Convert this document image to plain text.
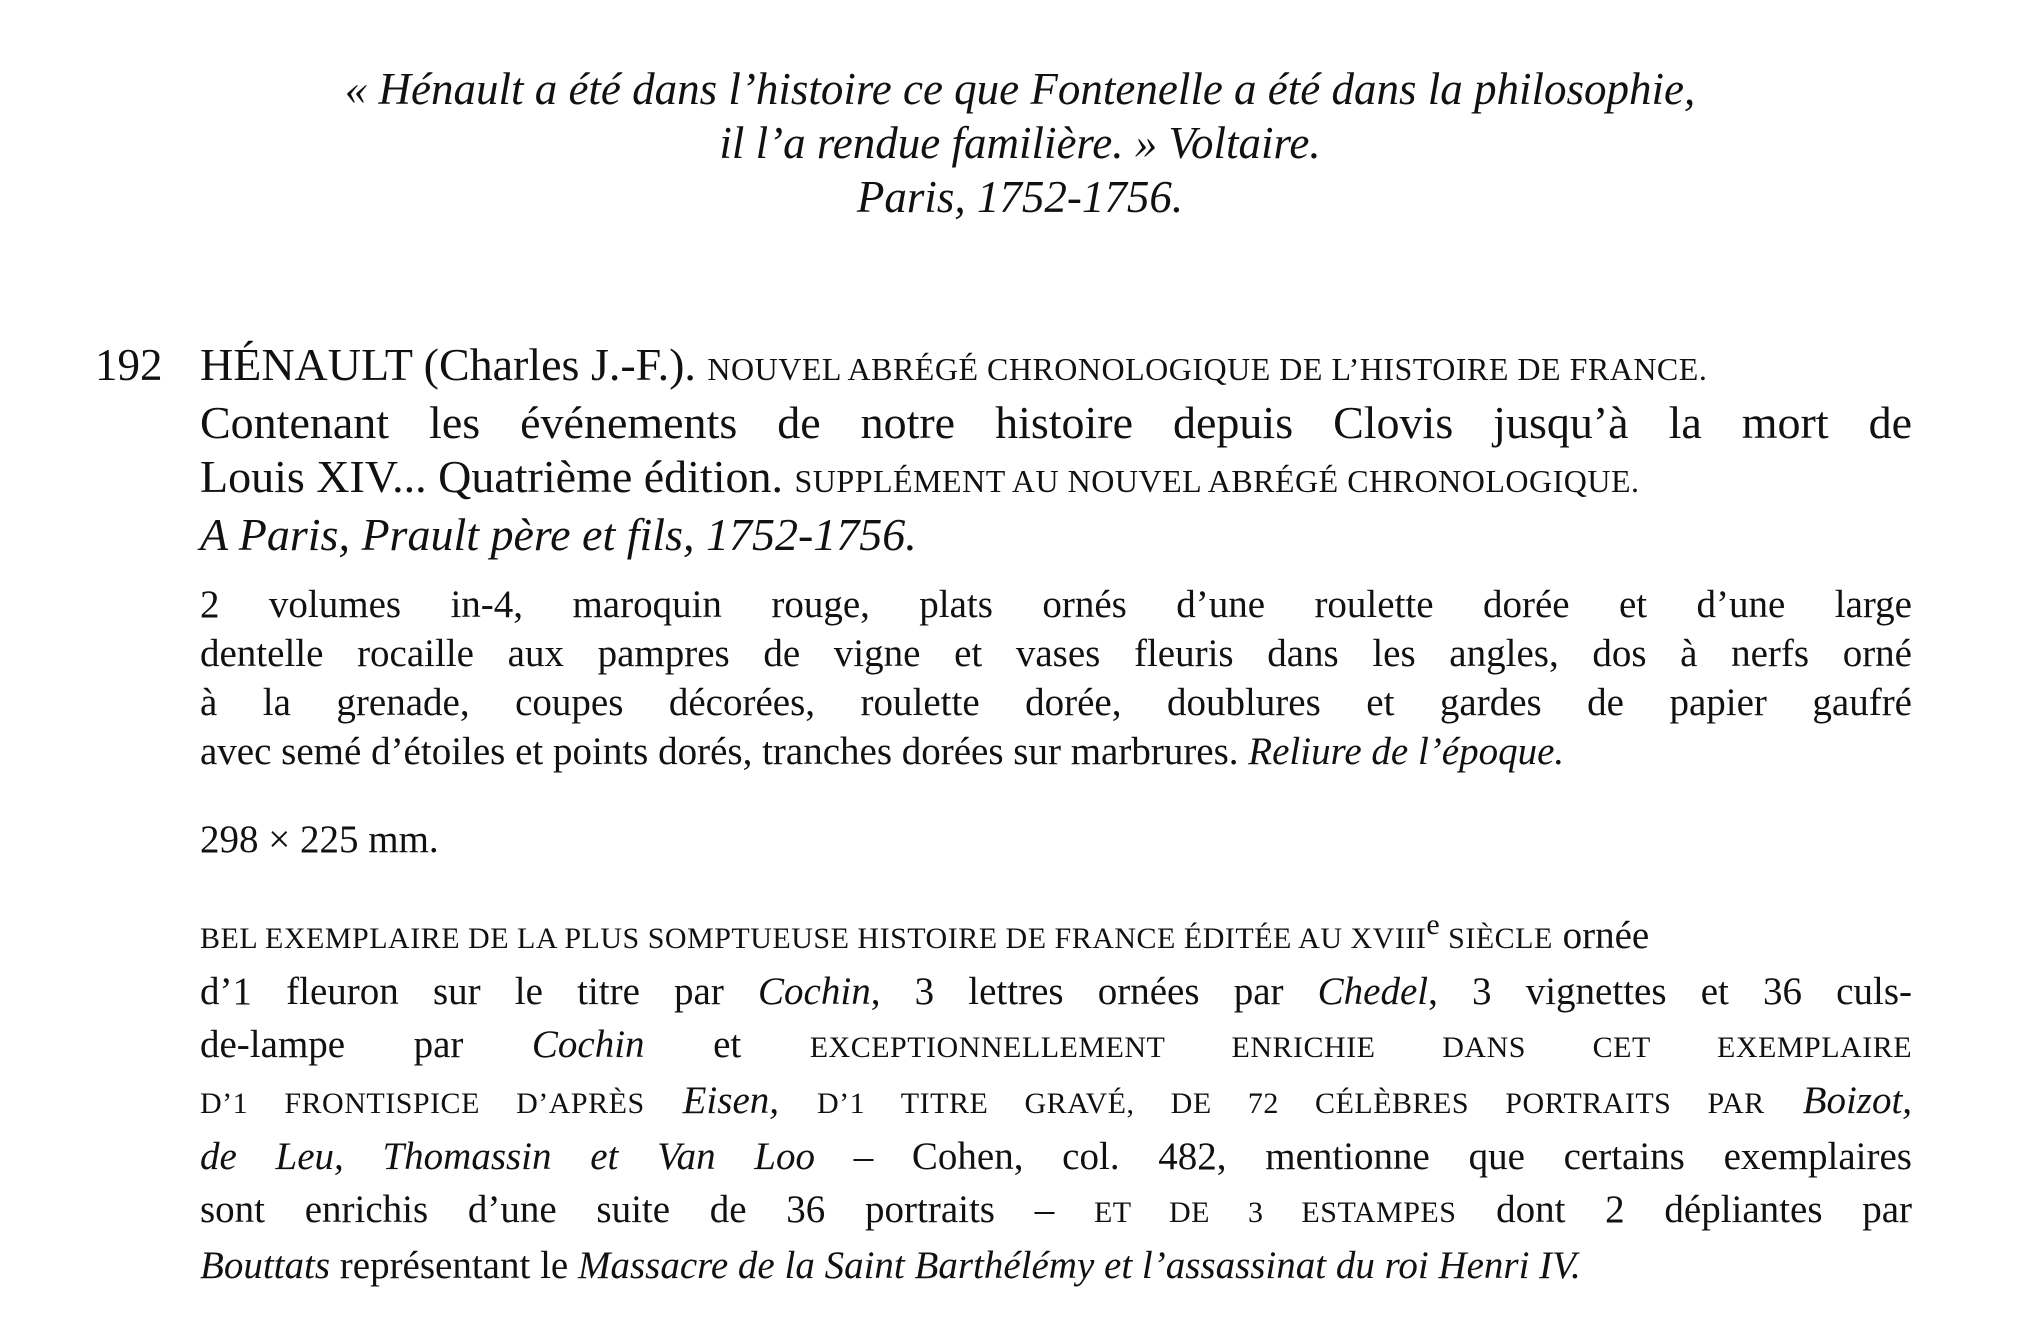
« Hénault a été dans l’histoire ce que Fontenelle a été dans la philosophie,
il l’a rendue familière. » Voltaire.
Paris, 1752-1756.
192 HÉNAULT (Charles J.-F.). NOUVEL ABRÉGÉ CHRONOLOGIQUE DE L’HISTOIRE DE FRANCE.
Contenant les événements de notre histoire depuis Clovis jusqu’à la mort de
Louis XIV... Quatrième édition. SUPPLÉMENT AU NOUVEL ABRÉGÉ CHRONOLOGIQUE.
A Paris, Prault père et fils, 1752-1756.
2 volumes in-4, maroquin rouge, plats ornés d’une roulette dorée et d’une large
dentelle rocaille aux pampres de vigne et vases fleuris dans les angles, dos à nerfs orné
à la grenade, coupes décorées, roulette dorée, doublures et gardes de papier gaufré
avec semé d’étoiles et points dorés, tranches dorées sur marbrures. Reliure de l’époque.
298 × 225 mm.
BEL EXEMPLAIRE DE LA PLUS SOMPTUEUSE HISTOIRE DE FRANCE ÉDITÉE AU XVIIIe SIÈCLE ornée
d’1 fleuron sur le titre par Cochin, 3 lettres ornées par Chedel, 3 vignettes et 36 culs-
de-lampe par Cochin et EXCEPTIONNELLEMENT ENRICHIE DANS CET EXEMPLAIRE
D’1 FRONTISPICE D’APRÈS Eisen, D’1 TITRE GRAVÉ, DE 72 CÉLÈBRES PORTRAITS PAR Boizot,
de Leu, Thomassin et Van Loo – Cohen, col. 482, mentionne que certains exemplaires
sont enrichis d’une suite de 36 portraits – ET DE 3 ESTAMPES dont 2 dépliantes par
Bouttats représentant le Massacre de la Saint Barthélémy et l’assassinat du roi Henri IV.
